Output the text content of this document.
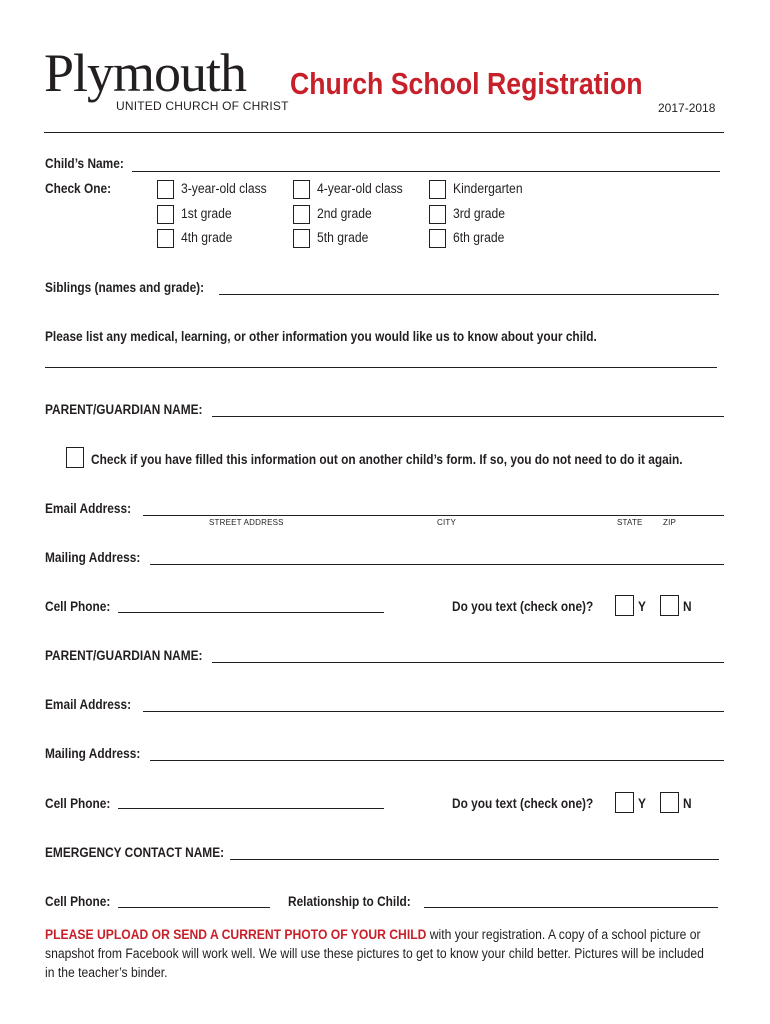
Plymouth
UNITED CHURCH OF CHRIST
Church School Registration
2017-2018
Child’s Name:
Check One:	3-year-old class	4-year-old class	Kindergarten
1st grade	2nd grade	3rd grade
4th grade	5th grade	6th grade
Siblings (names and grade):
Please list any medical, learning, or other information you would like us to know about your child.
PARENT/GUARDIAN NAME:
Check if you have filled this information out on another child’s form. If so, you do not need to do it again.
Email Address:
STREET ADDRESS	CITY	STATE	ZIP
Mailing Address:
Cell Phone:	Do you text (check one)?	Y	N
PARENT/GUARDIAN NAME:
Email Address:
Mailing Address:
Cell Phone:	Do you text (check one)?	Y	N
EMERGENCY CONTACT NAME:
Cell Phone:	Relationship to Child:
PLEASE UPLOAD OR SEND A CURRENT PHOTO OF YOUR CHILD with your registration. A copy of a school picture or snapshot from Facebook will work well. We will use these pictures to get to know your child better. Pictures will be included in the teacher’s binder.
